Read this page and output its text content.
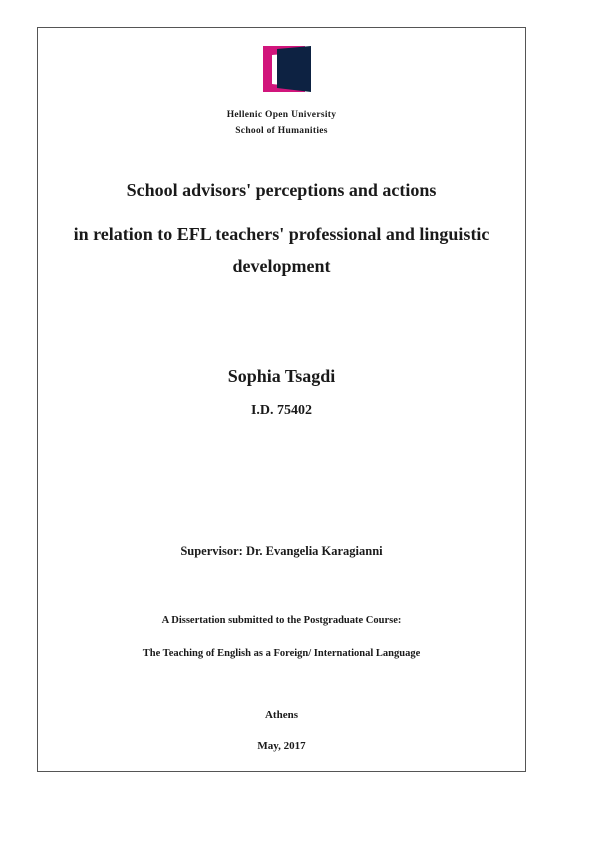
Hellenic Open University
School of Humanities
School advisors' perceptions and actions
in relation to EFL teachers' professional and linguistic
development
Sophia Tsagdi
I.D. 75402
Supervisor: Dr. Evangelia Karagianni
A Dissertation submitted to the Postgraduate Course:
The Teaching of English as a Foreign/ International Language
Athens
May, 2017
